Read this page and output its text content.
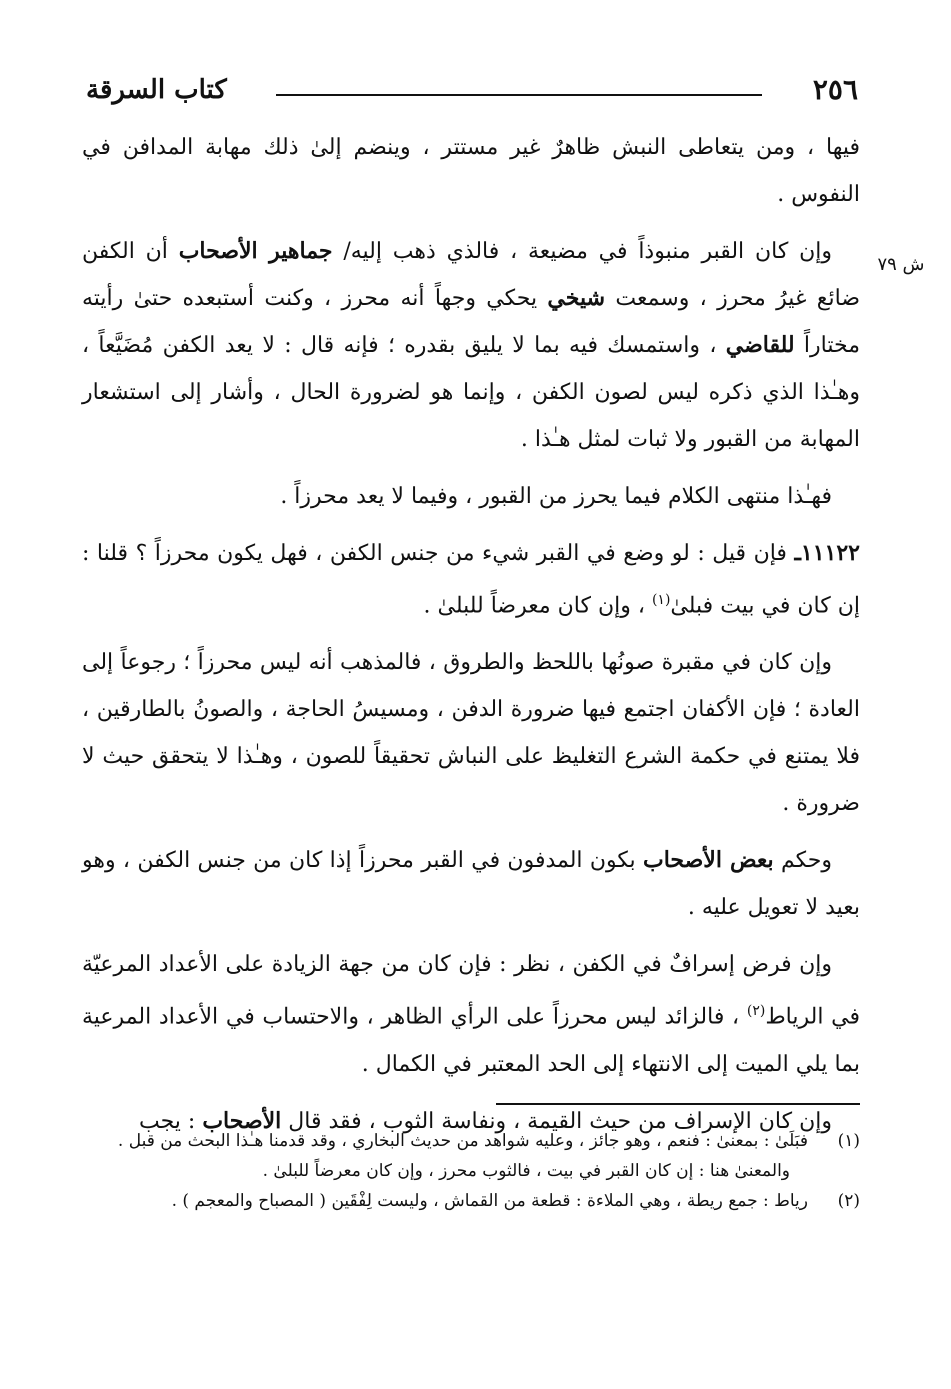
٢٥٦
كتاب السرقة
ش ٧٩

فيها ، ومن يتعاطى النبش ظاهرٌ غير مستتر ، وينضم إلىٰ ذلك مهابة المدافن في النفوس .

وإن كان القبر منبوذاً في مضيعة ، فالذي ذهب إليه/ جماهير الأصحاب أن الكفن ضائع غيرُ محرز ، وسمعت شيخي يحكي وجهاً أنه محرز ، وكنت أستبعده حتىٰ رأيته مختاراً للقاضي ، واستمسك فيه بما لا يليق بقدره ؛ فإنه قال : لا يعد الكفن مُضَيَّعاً ، وهـٰذا الذي ذكره ليس لصون الكفن ، وإنما هو لضرورة الحال ، وأشار إلى استشعار المهابة من القبور ولا ثبات لمثل هـٰذا .

فهـٰذا منتهى الكلام فيما يحرز من القبور ، وفيما لا يعد محرزاً .

١١١٢٢ـ فإن قيل : لو وضع في القبر شيء من جنس الكفن ، فهل يكون محرزاً ؟ قلنا : إن كان في بيت فبلىٰ$^{(١)}$ ، وإن كان معرضاً للبلىٰ .

وإن كان في مقبرة صونُها باللحظ والطروق ، فالمذهب أنه ليس محرزاً ؛ رجوعاً إلى العادة ؛ فإن الأكفان اجتمع فيها ضرورة الدفن ، ومسيسُ الحاجة ، والصونُ بالطارقين ، فلا يمتنع في حكمة الشرع التغليظ على النباش تحقيقاً للصون ، وهـٰذا لا يتحقق حيث لا ضرورة .

وحكم بعض الأصحاب بكون المدفون في القبر محرزاً إذا كان من جنس الكفن ، وهو بعيد لا تعويل عليه .

وإن فرض إسرافٌ في الكفن ، نظر : فإن كان من جهة الزيادة على الأعداد المرعيّة في الرياط$^{(٢)}$ ، فالزائد ليس محرزاً على الرأي الظاهر ، والاحتساب في الأعداد المرعية بما يلي الميت إلى الانتهاء إلى الحد المعتبر في الكمال .

وإن كان الإسراف من حيث القيمة ، ونفاسة الثوب ، فقد قال الأصحاب : يجب

(١)
فبَلَىٰ : بمعنىٰ : فنعم ، وهو جائز ، وعليه شواهد من حديث البخاري ، وقد قدمنا هـٰذا البحث من قبل .
والمعنىٰ هنا : إن كان القبر في بيت ، فالثوب محرز ، وإن كان معرضاً للبلىٰ .
(٢)
رياط : جمع ريطة ، وهي الملاءة : قطعة من القماش ، وليست لِفْقَين ( المصباح والمعجم ) .
